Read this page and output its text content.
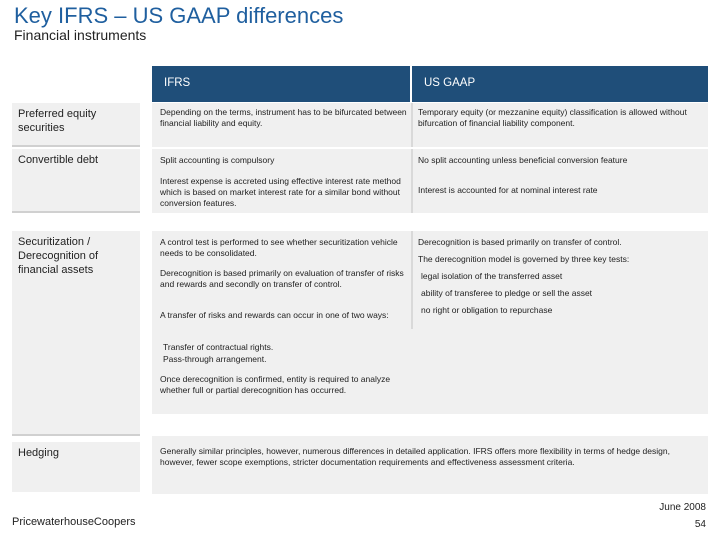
Key IFRS – US GAAP differences
Financial instruments
IFRS	US GAAP
Preferred equity securities
Convertible debt
Securitization / Derecognition of financial assets
Hedging
Depending on the terms, instrument has to be bifurcated between financial liability and equity.
Temporary equity (or mezzanine equity) classification is allowed without bifurcation of financial liability component.
Split accounting is compulsory	No split accounting unless beneficial conversion feature
Interest expense is accreted using effective interest rate method which is based on market interest rate for a similar bond without conversion features.
Interest is accounted for at nominal interest rate
A control test is performed to see whether securitization vehicle needs to be consolidated.
Derecognition is based primarily on evaluation of transfer of risks and rewards and secondly on transfer of control.
A transfer of risks and rewards can occur in one of two ways:
Transfer of contractual rights.
Pass-through arrangement.
Once derecognition is confirmed, entity is required to analyze whether full or partial derecognition has occurred.
Derecognition is based primarily on transfer of control.
The derecognition model is governed by three key tests:
legal isolation of the transferred asset
ability of transferee to pledge or sell the asset
no right or obligation to repurchase
Generally similar principles, however, numerous differences in detailed application. IFRS offers more flexibility in terms of hedge design, however, fewer scope exemptions, stricter documentation requirements and effectiveness assessment criteria.
PricewaterhouseCoopers
June 2008
54
